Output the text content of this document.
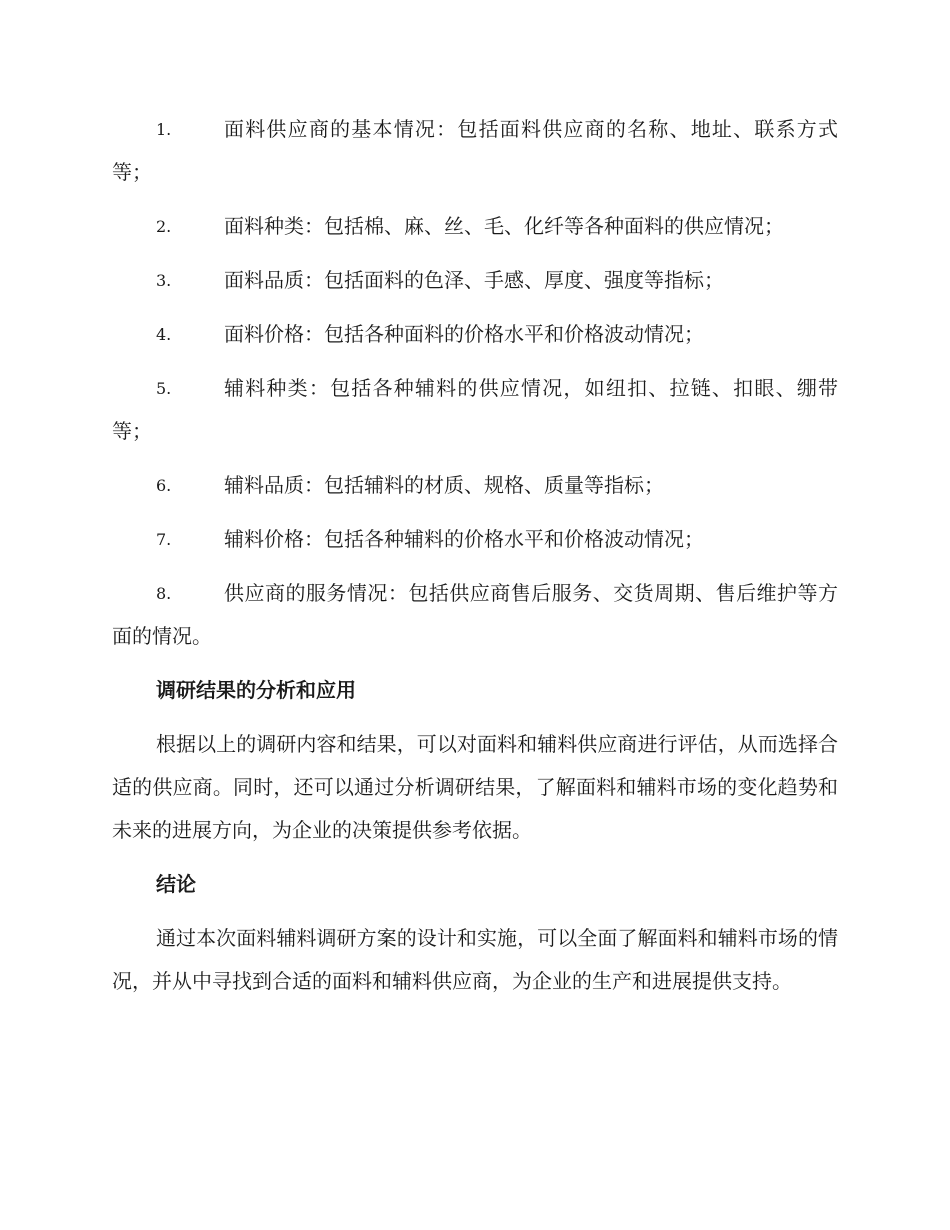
1.	面料供应商的基本情况：包括面料供应商的名称、地址、联系方式等；
2.	面料种类：包括棉、麻、丝、毛、化纤等各种面料的供应情况；
3.	面料品质：包括面料的色泽、手感、厚度、强度等指标；
4.	面料价格：包括各种面料的价格水平和价格波动情况；
5.	辅料种类：包括各种辅料的供应情况，如纽扣、拉链、扣眼、绷带等；
6.	辅料品质：包括辅料的材质、规格、质量等指标；
7.	辅料价格：包括各种辅料的价格水平和价格波动情况；
8.	供应商的服务情况：包括供应商售后服务、交货周期、售后维护等方面的情况。
调研结果的分析和应用
根据以上的调研内容和结果，可以对面料和辅料供应商进行评估，从而选择合适的供应商。同时，还可以通过分析调研结果，了解面料和辅料市场的变化趋势和未来的进展方向，为企业的决策提供参考依据。
结论
通过本次面料辅料调研方案的设计和实施，可以全面了解面料和辅料市场的情况，并从中寻找到合适的面料和辅料供应商，为企业的生产和进展提供支持。
